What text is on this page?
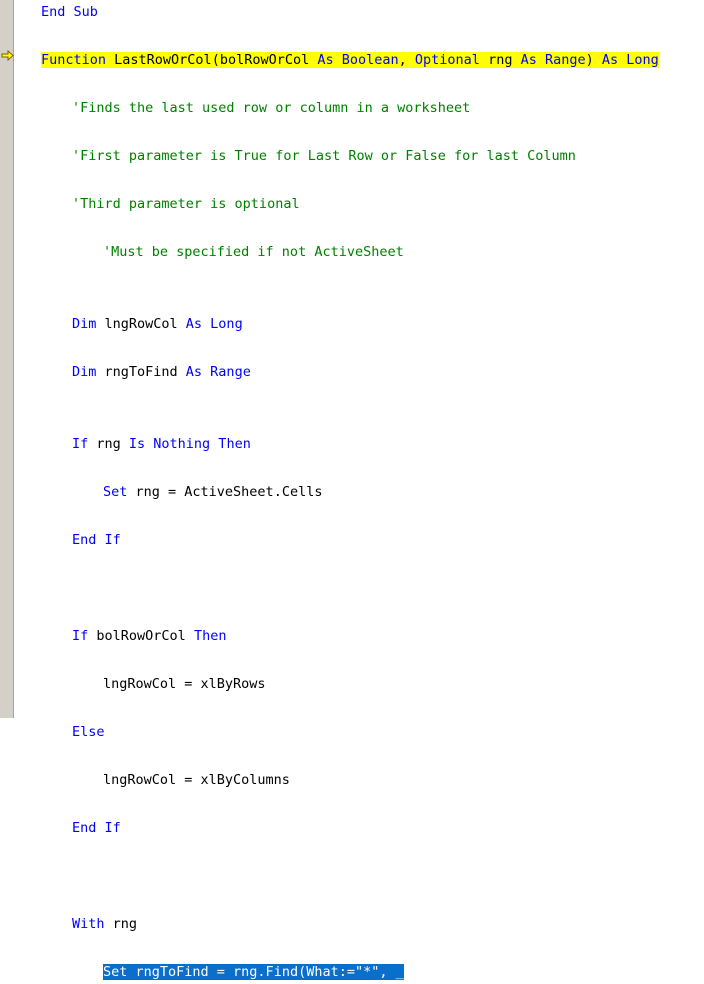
End Sub
Function LastRowOrCol(bolRowOrCol As Boolean, Optional rng As Range) As Long
'Finds the last used row or column in a worksheet
'First parameter is True for Last Row or False for last Column
'Third parameter is optional
'Must be specified if not ActiveSheet
Dim lngRowCol As Long
Dim rngToFind As Range
If rng Is Nothing Then
Set rng = ActiveSheet.Cells
End If
If bolRowOrCol Then
lngRowCol = xlByRows
Else
lngRowCol = xlByColumns
End If
With rng
Set rngToFind = rng.Find(What:="*", _
